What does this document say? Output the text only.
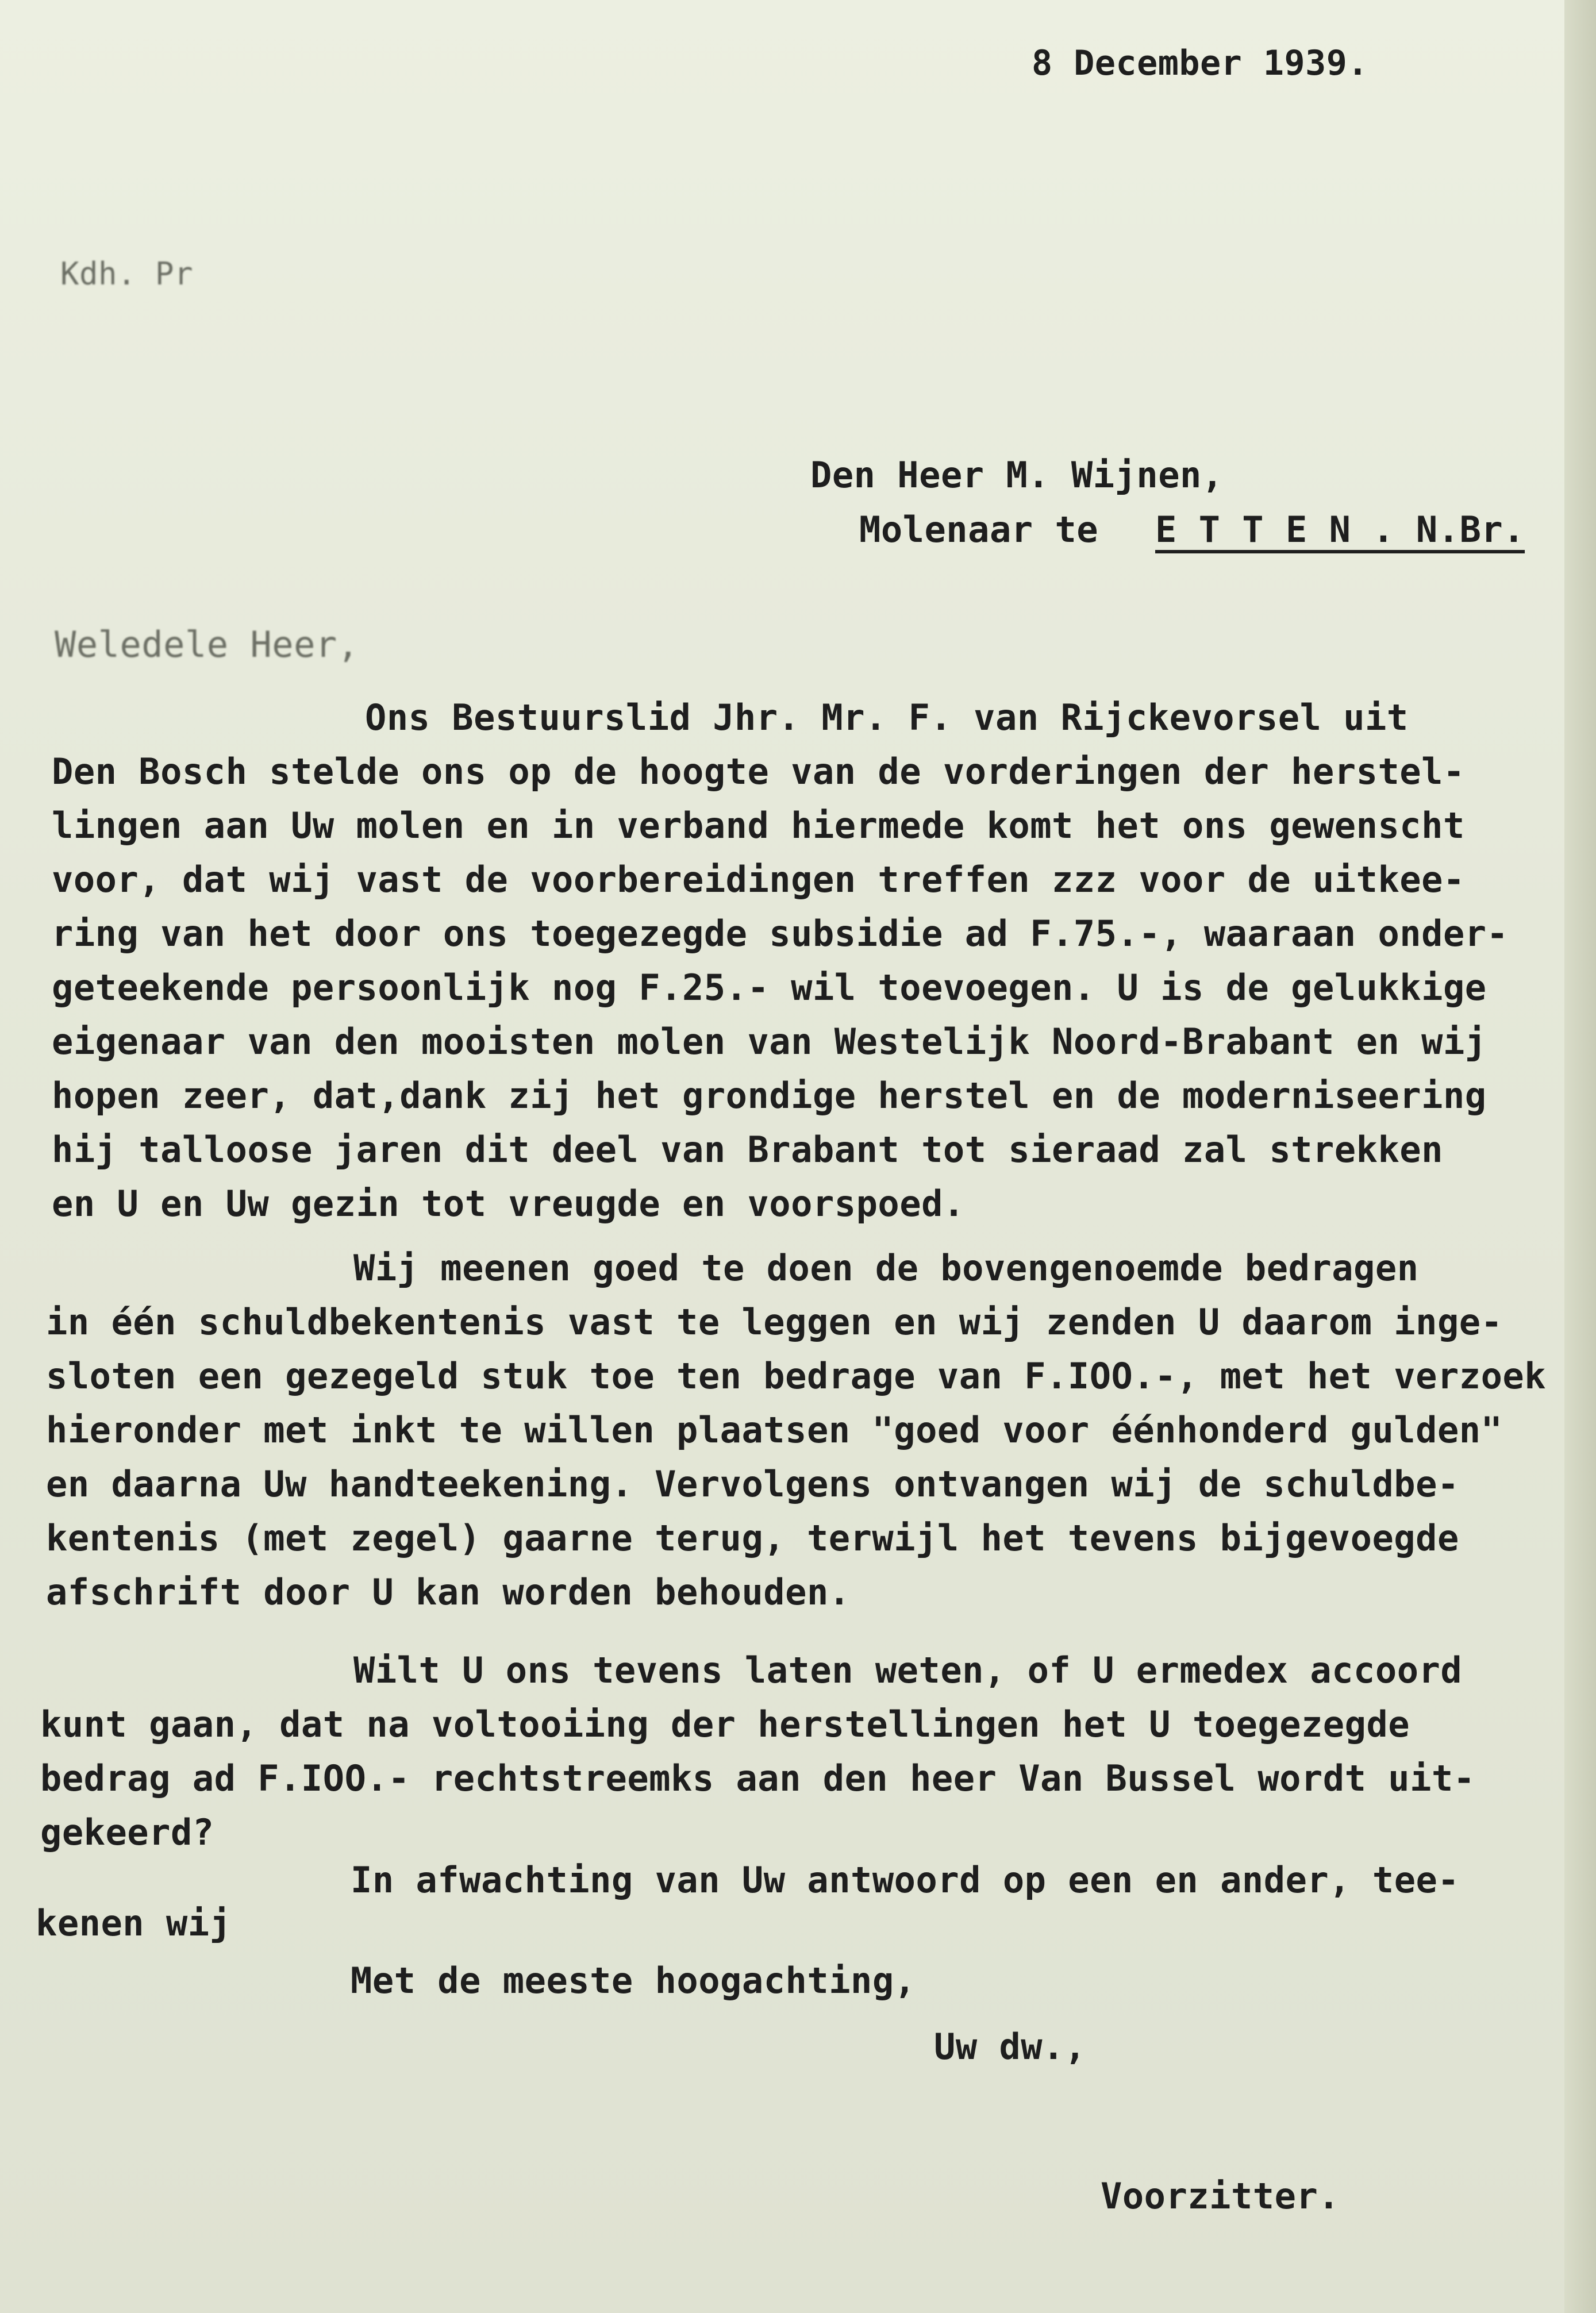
8 December 1939.
Kdh. Pr
Den Heer M. Wijnen,
Molenaar te E T T E N . N.Br.
Weledele Heer,
Ons Bestuurslid Jhr. Mr. F. van Rijckevorsel uit
Den Bosch stelde ons op de hoogte van de vorderingen der herstel-
lingen aan Uw molen en in verband hiermede komt het ons gewenscht
voor, dat wij vast de voorbereidingen treffen zzz voor de uitkee-
ring van het door ons toegezegde subsidie ad F.75.-, waaraan onder-
geteekende persoonlijk nog F.25.- wil toevoegen. U is de gelukkige
eigenaar van den mooisten molen van Westelijk Noord-Brabant en wij
hopen zeer, dat,dank zij het grondige herstel en de moderniseering
hij talloose jaren dit deel van Brabant tot sieraad zal strekken
en U en Uw gezin tot vreugde en voorspoed.
Wij meenen goed te doen de bovengenoemde bedragen
in één schuldbekentenis vast te leggen en wij zenden U daarom inge-
sloten een gezegeld stuk toe ten bedrage van F.IOO.-, met het verzoek
hieronder met inkt te willen plaatsen "goed voor éénhonderd gulden"
en daarna Uw handteekening. Vervolgens ontvangen wij de schuldbe-
kentenis (met zegel) gaarne terug, terwijl het tevens bijgevoegde
afschrift door U kan worden behouden.
Wilt U ons tevens laten weten, of U ermedex accoord
kunt gaan, dat na voltooiing der herstellingen het U toegezegde
bedrag ad F.IOO.- rechtstreemks aan den heer Van Bussel wordt uit-
gekeerd?
In afwachting van Uw antwoord op een en ander, tee-
kenen wij
Met de meeste hoogachting,
Uw dw.,
Voorzitter.
